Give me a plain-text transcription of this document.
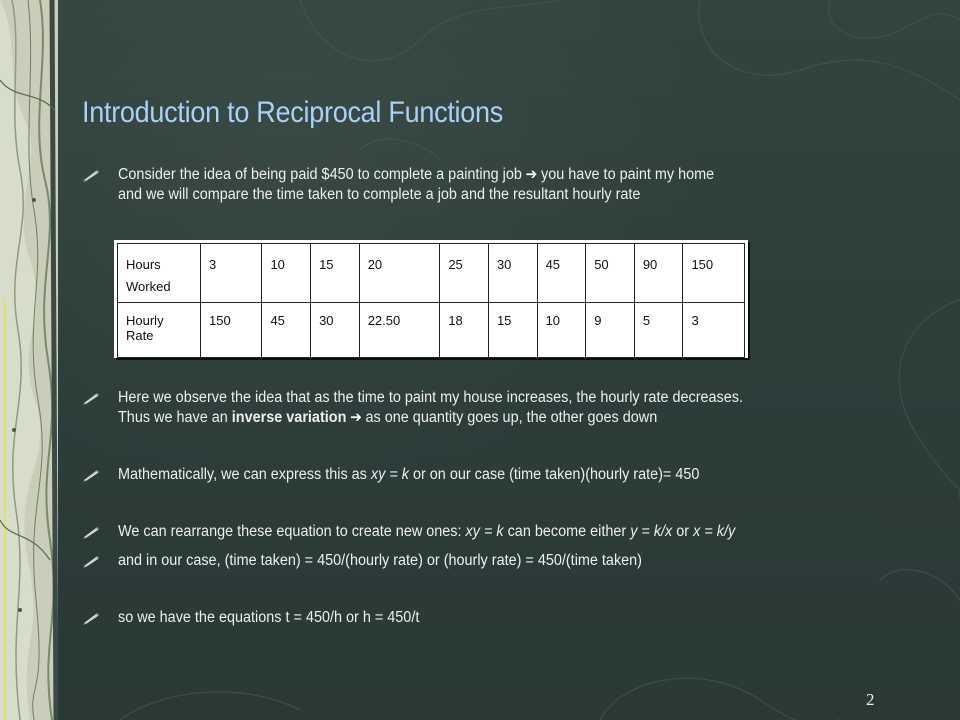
Introduction to Reciprocal Functions
Consider the idea of being paid $450 to complete a painting job ➔ you have to paint my home
and we will compare the time taken to complete a job and the resultant hourly rate
Hours
Worked	3	10	15	20	25	30	45	50	90	150
Hourly
Rate	150	45	30	22.50	18	15	10	9	5	3
Here we observe the idea that as the time to paint my house increases, the hourly rate decreases.
Thus we have an inverse variation ➔ as one quantity goes up, the other goes down
Mathematically, we can express this as xy = k or on our case (time taken)(hourly rate)= 450
We can rearrange these equation to create new ones: xy = k can become either y = k/x or x = k/y
and in our case, (time taken) = 450/(hourly rate) or (hourly rate) = 450/(time taken)
so we have the equations t = 450/h or h = 450/t
2
